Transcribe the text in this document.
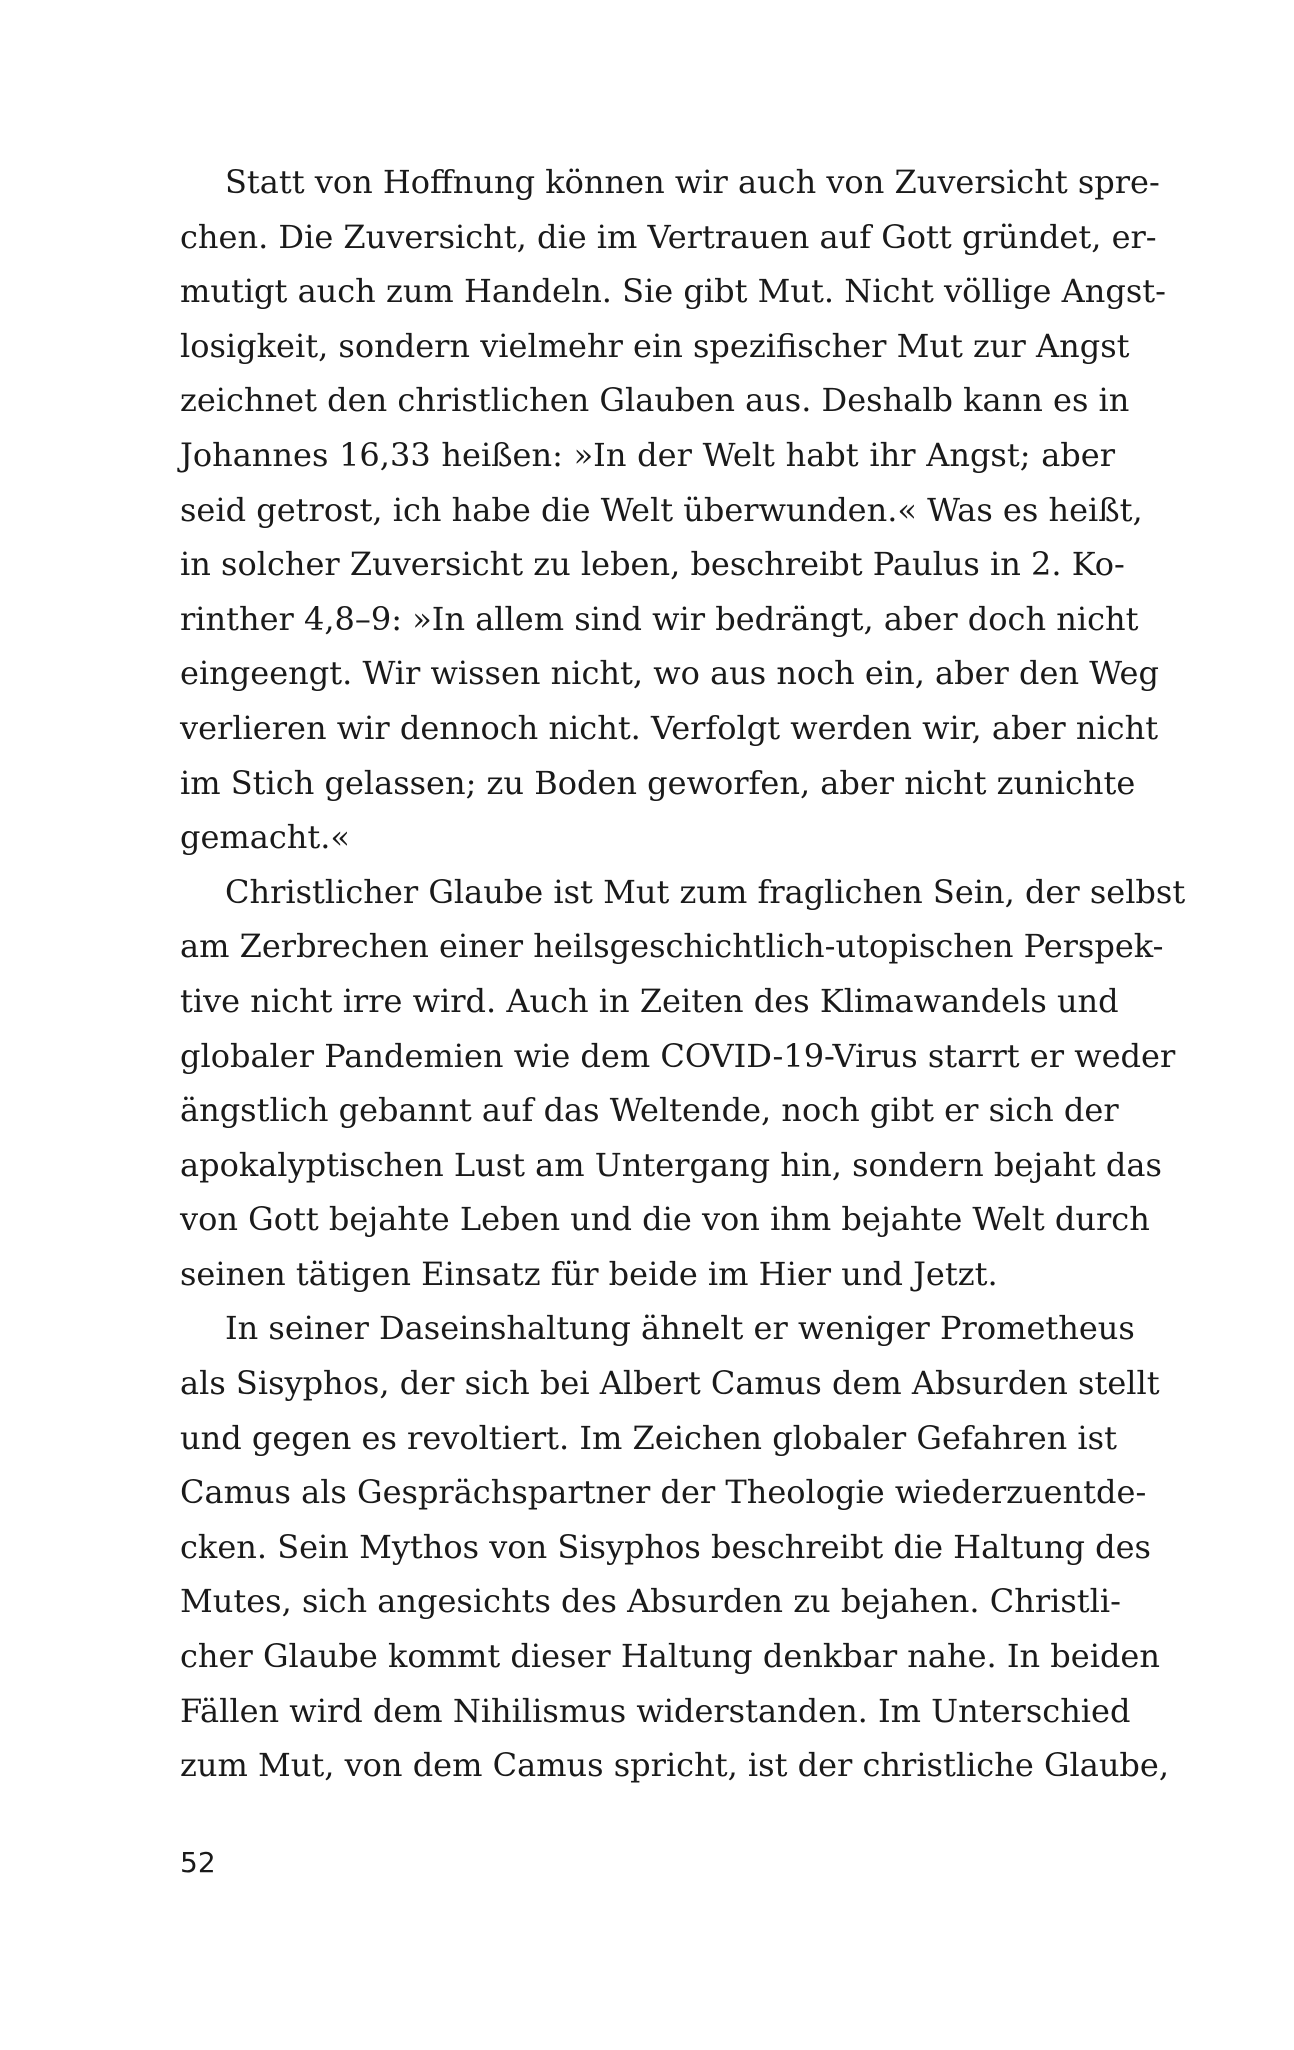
Statt von Hoffnung können wir auch von Zuversicht spre-
chen. Die Zuversicht, die im Vertrauen auf Gott gründet, er-
mutigt auch zum Handeln. Sie gibt Mut. Nicht völlige Angst-
losigkeit, sondern vielmehr ein spezifischer Mut zur Angst
zeichnet den christlichen Glauben aus. Deshalb kann es in
Johannes 16,33 heißen: »In der Welt habt ihr Angst; aber
seid getrost, ich habe die Welt überwunden.« Was es heißt,
in solcher Zuversicht zu leben, beschreibt Paulus in 2. Ko-
rinther 4,8–9: »In allem sind wir bedrängt, aber doch nicht
eingeengt. Wir wissen nicht, wo aus noch ein, aber den Weg
verlieren wir dennoch nicht. Verfolgt werden wir, aber nicht
im Stich gelassen; zu Boden geworfen, aber nicht zunichte
gemacht.«
Christlicher Glaube ist Mut zum fraglichen Sein, der selbst
am Zerbrechen einer heilsgeschichtlich-utopischen Perspek-
tive nicht irre wird. Auch in Zeiten des Klimawandels und
globaler Pandemien wie dem COVID-19-Virus starrt er weder
ängstlich gebannt auf das Weltende, noch gibt er sich der
apokalyptischen Lust am Untergang hin, sondern bejaht das
von Gott bejahte Leben und die von ihm bejahte Welt durch
seinen tätigen Einsatz für beide im Hier und Jetzt.
In seiner Daseinshaltung ähnelt er weniger Prometheus
als Sisyphos, der sich bei Albert Camus dem Absurden stellt
und gegen es revoltiert. Im Zeichen globaler Gefahren ist
Camus als Gesprächspartner der Theologie wiederzuentde-
cken. Sein Mythos von Sisyphos beschreibt die Haltung des
Mutes, sich angesichts des Absurden zu bejahen. Christli-
cher Glaube kommt dieser Haltung denkbar nahe. In beiden
Fällen wird dem Nihilismus widerstanden. Im Unterschied
zum Mut, von dem Camus spricht, ist der christliche Glaube,
52
